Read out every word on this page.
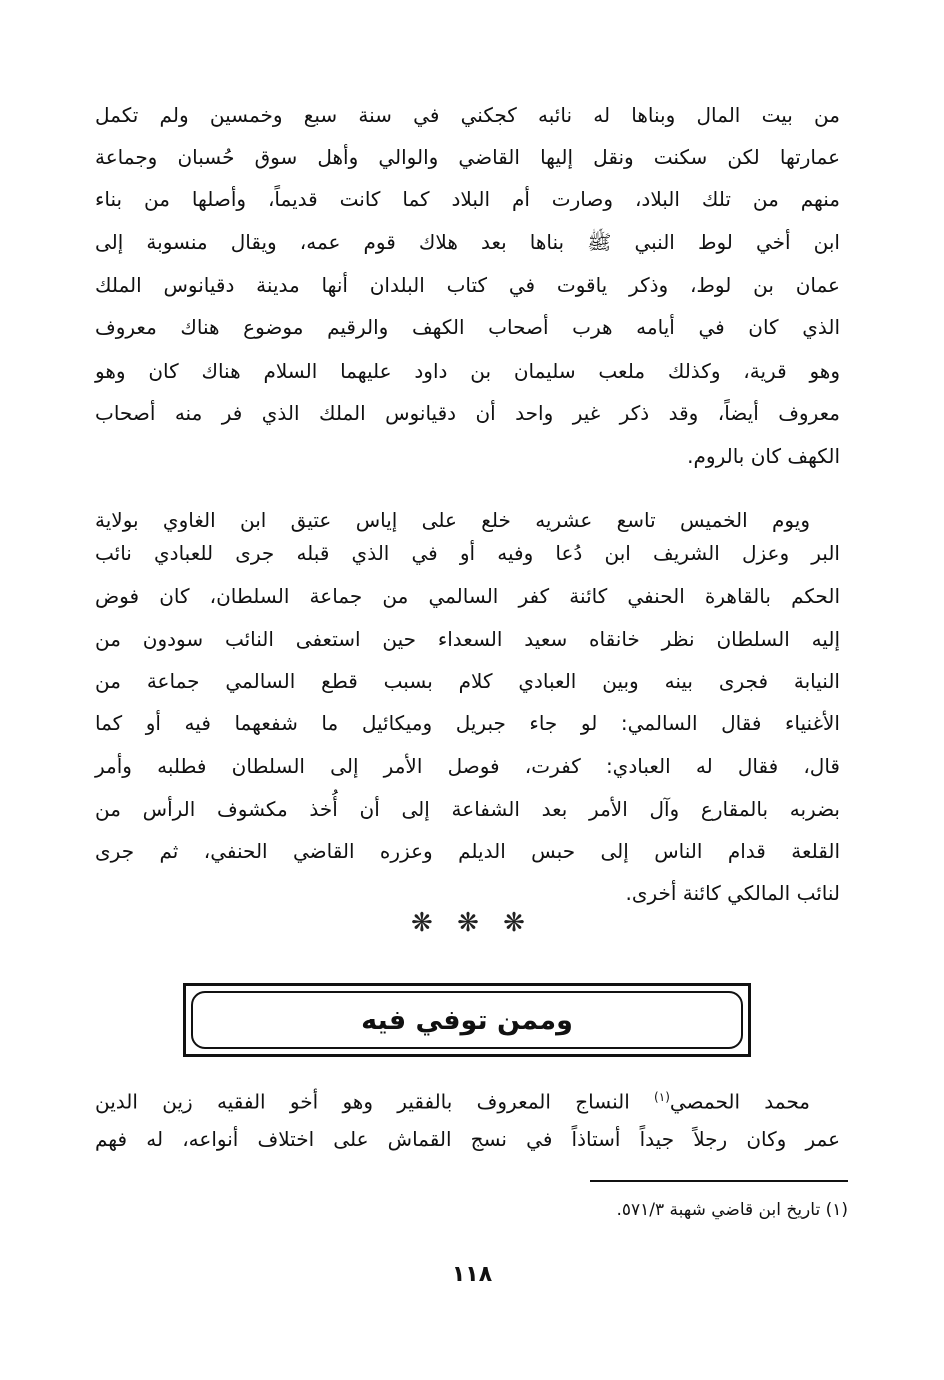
من بيت المال وبناها له نائبه كجكني في سنة سبع وخمسين ولم تكمل
عمارتها لكن سكنت ونقل إليها القاضي والوالي وأهل سوق حُسبان وجماعة
منهم من تلك البلاد، وصارت أم البلاد كما كانت قديماً، وأصلها من بناء
ابن أخي لوط النبي ﷺ بناها بعد هلاك قوم عمه، ويقال منسوبة إلى
عمان بن لوط، وذكر ياقوت في كتاب البلدان أنها مدينة دقيانوس الملك
الذي كان في أيامه هرب أصحاب الكهف والرقيم موضوع هناك معروف
وهو قرية، وكذلك ملعب سليمان بن داود عليهما السلام هناك كان وهو
معروف أيضاً، وقد ذكر غير واحد أن دقيانوس الملك الذي فر منه أصحاب
الكهف كان بالروم.
ويوم الخميس تاسع عشريه خلع على إياس عتيق ابن الغاوي بولاية
البر وعزل الشريف ابن دُعا وفيه أو في الذي قبله جرى للعبادي نائب
الحكم بالقاهرة الحنفي كائنة كفر السالمي من جماعة السلطان، كان فوض
إليه السلطان نظر خانقاه سعيد السعداء حين استعفى النائب سودون من
النيابة فجرى بينه وبين العبادي كلام بسبب قطع السالمي جماعة من
الأغنياء فقال السالمي: لو جاء جبريل وميكائيل ما شفعهما فيه أو كما
قال، فقال له العبادي: كفرت، فوصل الأمر إلى السلطان فطلبه وأمر
بضربه بالمقارع وآل الأمر بعد الشفاعة إلى أن أُخذ مكشوف الرأس من
القلعة قدام الناس إلى حبس الديلم وعزره القاضي الحنفي، ثم جرى
لنائب المالكي كائنة أخرى.
❋ ❋ ❋
وممن توفي فيه
محمد الحمصي$^{(١)}$ النساج المعروف بالفقير وهو أخو الفقيه زين الدين
عمر وكان رجلاً جيداً أستاذاً في نسج القماش على اختلاف أنواعه، له فهم
(١) تاريخ ابن قاضي شهبة ٥٧١/٣.
١١٨
